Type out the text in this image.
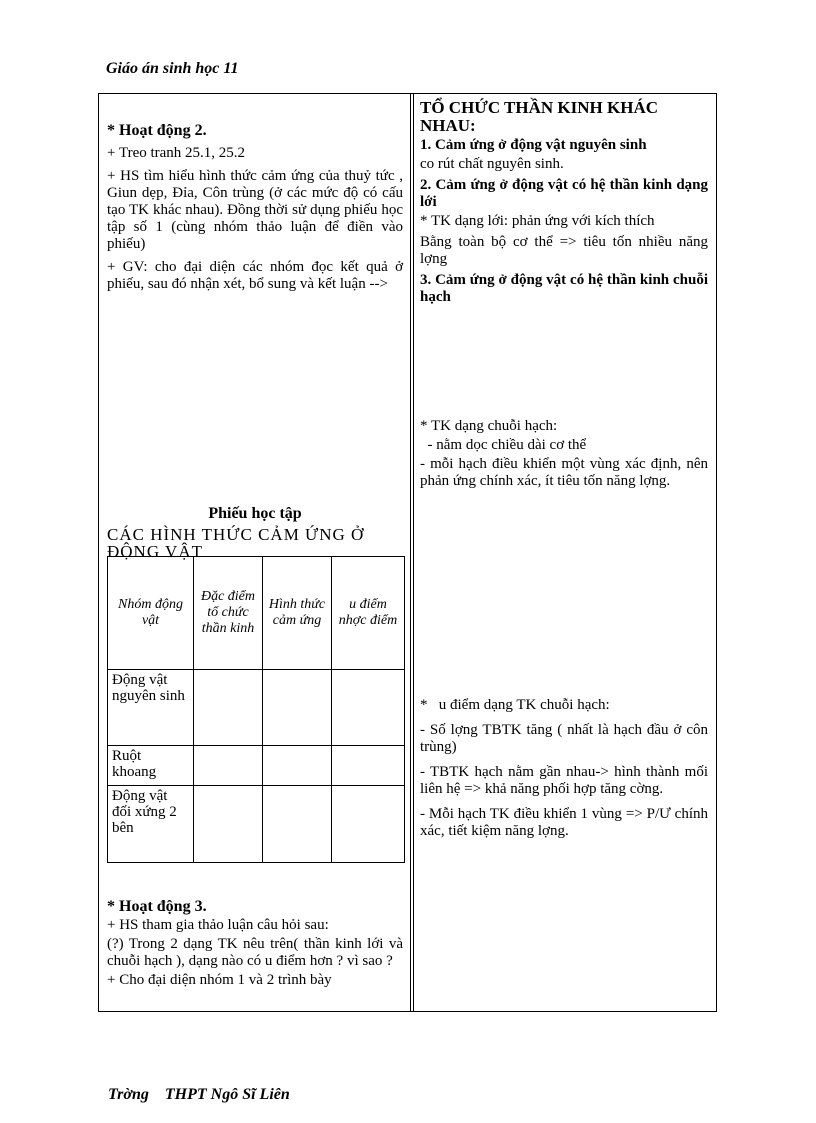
Giáo án sinh học 11

* Hoạt động 2.

+ Treo tranh 25.1, 25.2

+ HS tìm hiểu hình thức cảm ứng của thuỷ tức , Giun dẹp, Đỉa, Côn trùng (ở các mức độ có cấu tạo TK khác nhau). Đồng thời sử dụng phiếu học tập số 1 (cùng nhóm thảo luận để điền vào phiếu)

+ GV: cho đại diện các nhóm đọc kết quả ở phiếu, sau đó nhận xét, bổ sung và kết luận -->

Phiếu học tập
CÁC HÌNH THỨC CẢM ỨNG Ở ĐỘNG VẬT
Nhóm động vật	Đặc điểm tổ chức thần kinh	Hình thức cảm ứng	u điểm nhợc điểm
Động vật nguyên sinh			
Ruột khoang			
Động vật đối xứng 2 bên			

* Hoạt động 3.

+ HS tham gia thảo luận câu hỏi sau:

(?) Trong 2 dạng TK nêu trên( thần kinh lới và chuỗi hạch ), dạng nào có u điểm hơn ? vì sao ?

+ Cho đại diện nhóm 1 và 2 trình bày

TỔ CHỨC THẦN KINH KHÁC NHAU:

1. Cảm ứng ở động vật nguyên sinh

co rút chất nguyên sinh.

2. Cảm ứng ở động vật có hệ thần kinh dạng lới

* TK dạng lới: phản ứng với kích thích

Bằng toàn bộ cơ thể => tiêu tốn nhiều năng lợng

3. Cảm ứng ở động vật có hệ thần kinh chuỗi hạch

* TK dạng chuỗi hạch:

- nằm dọc chiều dài cơ thể

- mỗi hạch điều khiển một vùng xác định, nên phản ứng chính xác, ít tiêu tốn năng lợng.

*   u điểm dạng TK chuỗi hạch:

- Số lợng TBTK tăng ( nhất là hạch đầu ở côn trùng)

- TBTK hạch nằm gần nhau-> hình thành mối liên hệ => khả năng phối hợp tăng cờng.

- Mỗi hạch TK điều khiển 1 vùng => P/Ư chính xác, tiết kiệm năng lợng.

Trờng    THPT Ngô Sĩ Liên
